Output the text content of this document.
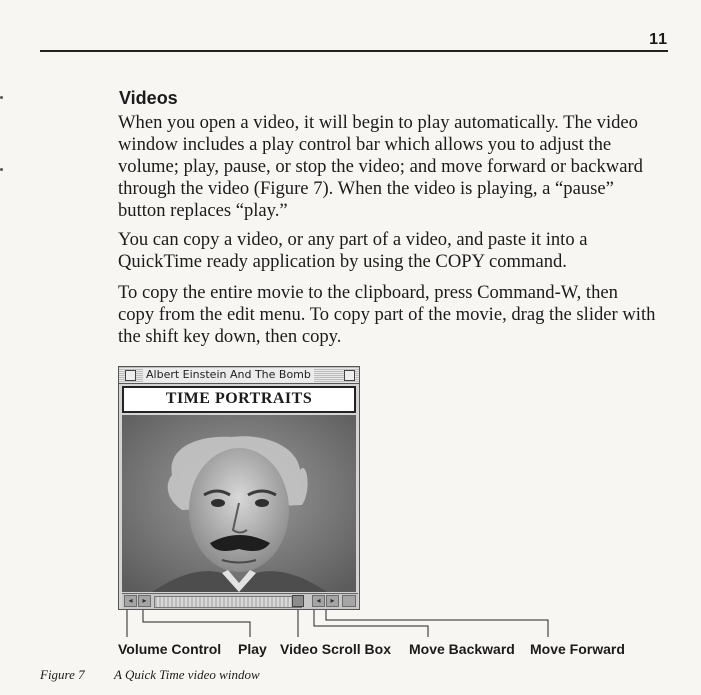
11
Videos

When you open a video, it will begin to play automatically. The video window includes a play control bar which allows you to adjust the volume; play, pause, or stop the video; and move forward or backward through the video (Figure 7). When the video is playing, a “pause” button replaces “play.”

You can copy a video, or any part of a video, and paste it into a QuickTime ready application by using the COPY command.

To copy the entire movie to the clipboard, press Command-W, then copy from the edit menu. To copy part of the movie, drag the slider with the shift key down, then copy.

Albert Einstein And The Bomb
TIME PORTRAITS
◂	▸	◂	▸
Volume Control Play Video Scroll Box Move Backward Move Forward
Figure 7 A Quick Time video window
